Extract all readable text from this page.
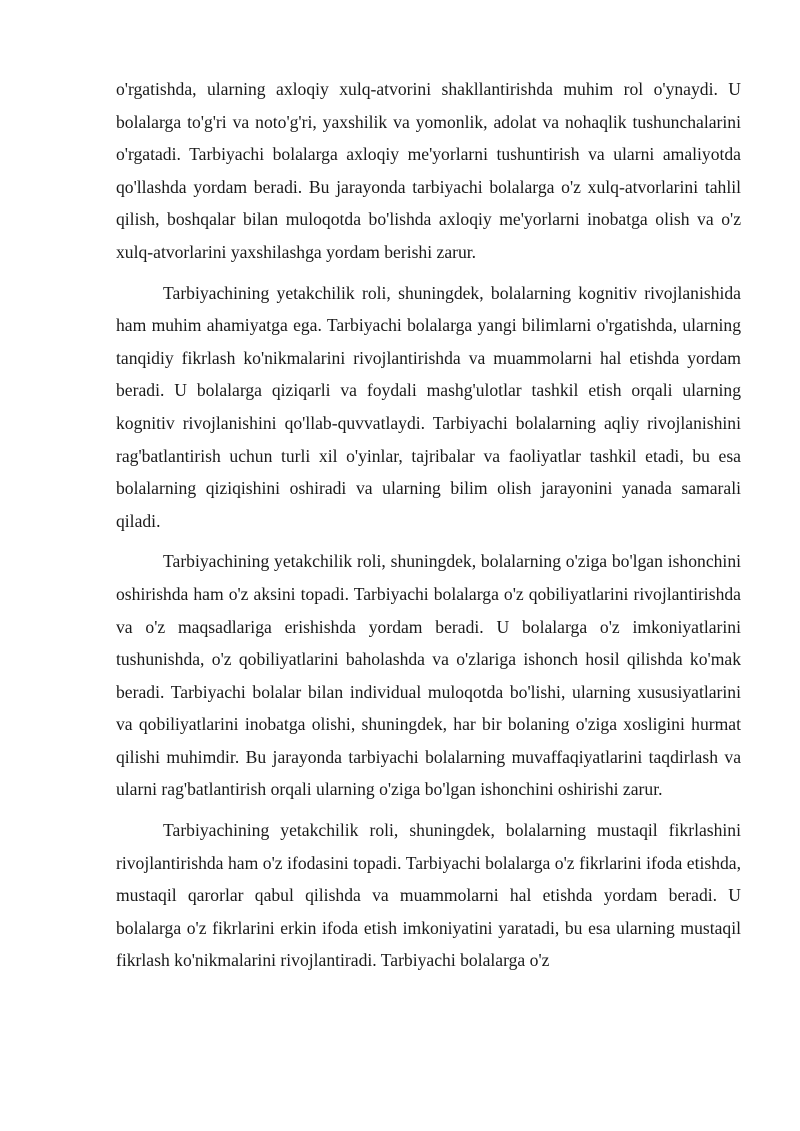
o'rgatishda, ularning axloqiy xulq-atvorini shakllantirishda muhim rol o'ynaydi. U bolalarga to'g'ri va noto'g'ri, yaxshilik va yomonlik, adolat va nohaqlik tushunchalarini o'rgatadi. Tarbiyachi bolalarga axloqiy me'yorlarni tushuntirish va ularni amaliyotda qo'llashda yordam beradi. Bu jarayonda tarbiyachi bolalarga o'z xulq-atvorlarini tahlil qilish, boshqalar bilan muloqotda bo'lishda axloqiy me'yorlarni inobatga olish va o'z xulq-atvorlarini yaxshilashga yordam berishi zarur.

Tarbiyachining yetakchilik roli, shuningdek, bolalarning kognitiv rivojlanishida ham muhim ahamiyatga ega. Tarbiyachi bolalarga yangi bilimlarni o'rgatishda, ularning tanqidiy fikrlash ko'nikmalarini rivojlantirishda va muammolarni hal etishda yordam beradi. U bolalarga qiziqarli va foydali mashg'ulotlar tashkil etish orqali ularning kognitiv rivojlanishini qo'llab-quvvatlaydi. Tarbiyachi bolalarning aqliy rivojlanishini rag'batlantirish uchun turli xil o'yinlar, tajribalar va faoliyatlar tashkil etadi, bu esa bolalarning qiziqishini oshiradi va ularning bilim olish jarayonini yanada samarali qiladi.

Tarbiyachining yetakchilik roli, shuningdek, bolalarning o'ziga bo'lgan ishonchini oshirishda ham o'z aksini topadi. Tarbiyachi bolalarga o'z qobiliyatlarini rivojlantirishda va o'z maqsadlariga erishishda yordam beradi. U bolalarga o'z imkoniyatlarini tushunishda, o'z qobiliyatlarini baholashda va o'zlariga ishonch hosil qilishda ko'mak beradi. Tarbiyachi bolalar bilan individual muloqotda bo'lishi, ularning xususiyatlarini va qobiliyatlarini inobatga olishi, shuningdek, har bir bolaning o'ziga xosligini hurmat qilishi muhimdir. Bu jarayonda tarbiyachi bolalarning muvaffaqiyatlarini taqdirlash va ularni rag'batlantirish orqali ularning o'ziga bo'lgan ishonchini oshirishi zarur.

Tarbiyachining yetakchilik roli, shuningdek, bolalarning mustaqil fikrlashini rivojlantirishda ham o'z ifodasini topadi. Tarbiyachi bolalarga o'z fikrlarini ifoda etishda, mustaqil qarorlar qabul qilishda va muammolarni hal etishda yordam beradi. U bolalarga o'z fikrlarini erkin ifoda etish imkoniyatini yaratadi, bu esa ularning mustaqil fikrlash ko'nikmalarini rivojlantiradi. Tarbiyachi bolalarga o'z
